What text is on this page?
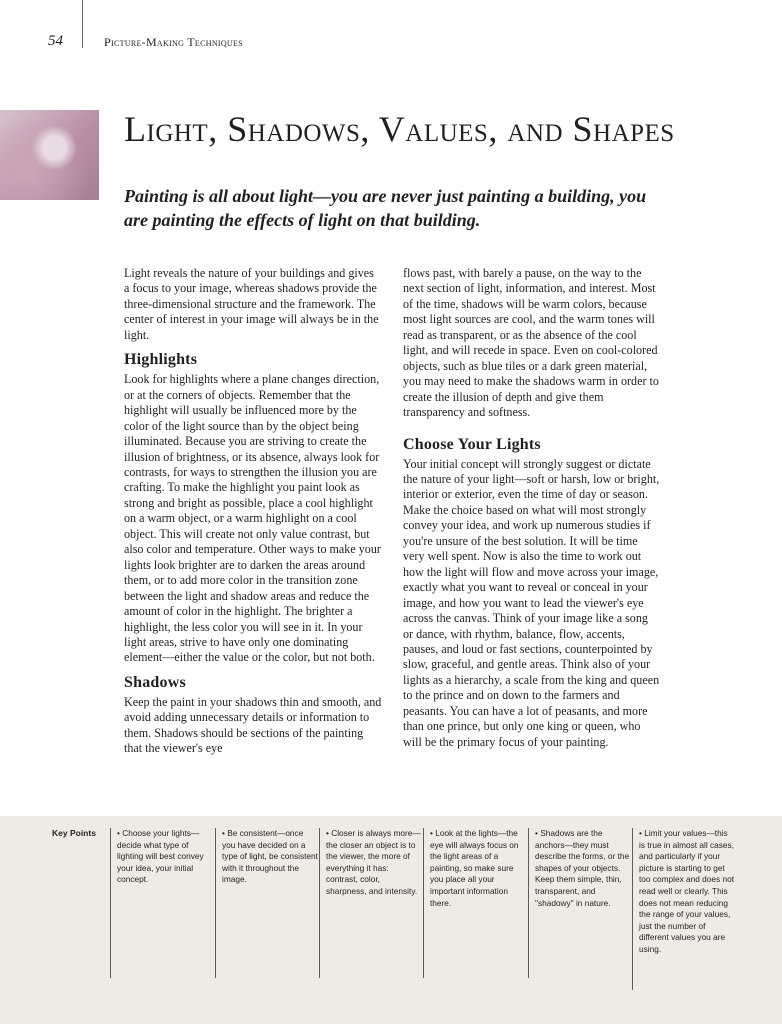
54	Picture-Making Techniques
Light, Shadows, Values, and Shapes

Painting is all about light—you are never just painting a building, you are painting the effects of light on that building.

Light reveals the nature of your buildings and gives a focus to your image, whereas shadows provide the three-dimensional structure and the framework. The center of interest in your image will always be in the light.

Highlights

Look for highlights where a plane changes direction, or at the corners of objects. Remember that the highlight will usually be influenced more by the color of the light source than by the object being illuminated. Because you are striving to create the illusion of brightness, or its absence, always look for contrasts, for ways to strengthen the illusion you are crafting. To make the highlight you paint look as strong and bright as possible, place a cool highlight on a warm object, or a warm highlight on a cool object. This will create not only value contrast, but also color and temperature. Other ways to make your lights look brighter are to darken the areas around them, or to add more color in the transition zone between the light and shadow areas and reduce the amount of color in the highlight. The brighter a highlight, the less color you will see in it. In your light areas, strive to have only one dominating element—either the value or the color, but not both.

Shadows

Keep the paint in your shadows thin and smooth, and avoid adding unnecessary details or information to them. Shadows should be sections of the painting that the viewer's eye

flows past, with barely a pause, on the way to the next section of light, information, and interest. Most of the time, shadows will be warm colors, because most light sources are cool, and the warm tones will read as transparent, or as the absence of the cool light, and will recede in space. Even on cool-colored objects, such as blue tiles or a dark green material, you may need to make the shadows warm in order to create the illusion of depth and give them transparency and softness.

Choose Your Lights

Your initial concept will strongly suggest or dictate the nature of your light—soft or harsh, low or bright, interior or exterior, even the time of day or season. Make the choice based on what will most strongly convey your idea, and work up numerous studies if you're unsure of the best solution. It will be time very well spent. Now is also the time to work out how the light will flow and move across your image, exactly what you want to reveal or conceal in your image, and how you want to lead the viewer's eye across the canvas. Think of your image like a song or dance, with rhythm, balance, flow, accents, pauses, and loud or fast sections, counterpointed by slow, graceful, and gentle areas. Think also of your lights as a hierarchy, a scale from the king and queen to the prince and on down to the farmers and peasants. You can have a lot of peasants, and more than one prince, but only one king or queen, who will be the primary focus of your painting.

Key Points	• Choose your lights—decide what type of lighting will best convey your idea, your initial concept.
• Be consistent—once you have decided on a type of light, be consistent with it throughout the image.
• Closer is always more—the closer an object is to the viewer, the more of everything it has: contrast, color, sharpness, and intensity.
• Look at the lights—the eye will always focus on the light areas of a painting, so make sure you place all your important information there.
• Shadows are the anchors—they must describe the forms, or the shapes of your objects. Keep them simple, thin, transparent, and "shadowy" in nature.
• Limit your values—this is true in almost all cases, and particularly if your picture is starting to get too complex and does not read well or clearly. This does not mean reducing the range of your values, just the number of different values you are using.
